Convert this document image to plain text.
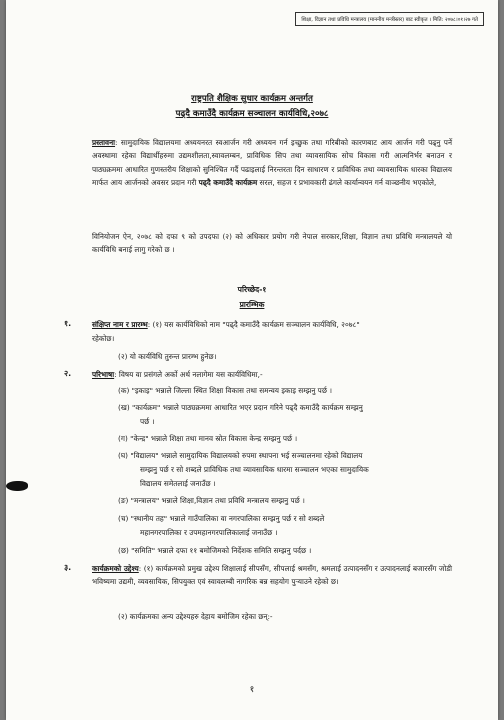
शिक्षा, विज्ञान तथा प्रविधि मन्त्रालय (माननीय मन्त्रीस्तर) बाट स्वीकृत । मिति: २०७८।०१।२७ गते
राष्ट्रपति शैक्षिक सुधार कार्यक्रम अन्तर्गत
पढ्दै कमाउँदै कार्यक्रम सञ्चालन कार्यविधि,२०७८
प्रस्तावना: सामुदायिक विद्यालयमा अध्ययनरत स्वआर्जन गरी अध्ययन गर्न इच्छुक तथा गरिबीको कारणबाट आय आर्जन गरी पढ्नु पर्ने अवस्थामा रहेका विद्यार्थीहरुमा उद्यमशीलता,स्वावलम्बन, प्राविधिक सिप तथा व्यावसायिक सोच विकास गरी आत्मनिर्भर बनाउन र पाठ्यक्रममा आधारित गुणस्तरीय शिक्षाको सुनिश्चित गर्दै पढाइलाई निरन्तरता दिन साधारण र प्राविधिक तथा व्यावसायिक धारका विद्यालय मार्फत आय आर्जनको अवसर प्रदान गरी पढ्दै कमाउँदै कार्यक्रम सरल, सहज र प्रभावकारी ढंगले कार्यान्वयन गर्न वाञ्छनीय भएकोले,
विनियोजन ऐन, २०७८ को दफा ९ को उपदफा (२) को अधिकार प्रयोग गरी नेपाल सरकार,शिक्षा, विज्ञान तथा प्रविधि मन्त्रालयले यो कार्यविधि बनाई लागु गरेको छ ।
परिच्छेद-१
प्रारम्भिक
१.	संक्षिप्त नाम र प्रारम्भ: (१) यस कार्यविधिको नाम "पढ्दै कमाउँदै कार्यक्रम सञ्चालन कार्यविधि, २०७८"
रहेकोछ।
(२) यो कार्यविधि तुरुन्त प्रारम्भ हुनेछ।
२.	परिभाषा: विषय वा प्रसंगले अर्को अर्थ नलागेमा यस कार्यविधिमा,-
(क) "इकाइ" भन्नाले जिल्ला स्थित शिक्षा विकास तथा समन्वय इकाइ सम्झनु पर्छ ।
(ख) "कार्यक्रम" भन्नाले पाठ्यक्रममा आधारित भएर प्रदान गरिने पढ्दै कमाउँदै कार्यक्रम सम्झनु
पर्छ ।
(ग) "केन्द्र" भन्नाले शिक्षा तथा मानव स्रोत विकास केन्द्र सम्झनु पर्छ ।
(घ) "विद्यालय" भन्नाले सामुदायिक विद्यालयको रुपमा स्थापना भई सञ्चालनमा रहेको विद्यालय
सम्झनु पर्छ र सो शब्दले प्राविधिक तथा व्यावसायिक धारमा सञ्चालन भएका सामुदायिक
विद्यालय समेतलाई जनाउँछ ।
(ङ) "मन्त्रालय" भन्नाले शिक्षा,विज्ञान तथा प्रविधि मन्त्रालय सम्झनु पर्छ ।
(च) "स्थानीय तह" भन्नाले गाउँपालिका वा नगरपालिका सम्झनु पर्छ र सो शब्दले
महानगरपालिका र उपमहानगरपालिकालाई जनाउँछ ।
(छ) "समिति" भन्नाले दफा ११ बमोजिमको निर्देशक समिति सम्झनु पर्दछ ।
३.	कार्यक्रमको उद्देश्य: (१) कार्यक्रमको प्रमुख उद्देश्य शिक्षालाई सीपसँग, सीपलाई श्रमसँग, श्रमलाई उत्पादनसँग र उत्पादनलाई बजारसँग जोडी भविष्यमा उद्यमी, व्यवसायिक, सिपयुक्त एवं स्वावलम्बी नागरिक बन्न सहयोग पुऱ्याउने रहेको छ।
(२) कार्यक्रमका अन्य उद्देश्यहरु देहाय बमोजिम रहेका छन्:-
१
